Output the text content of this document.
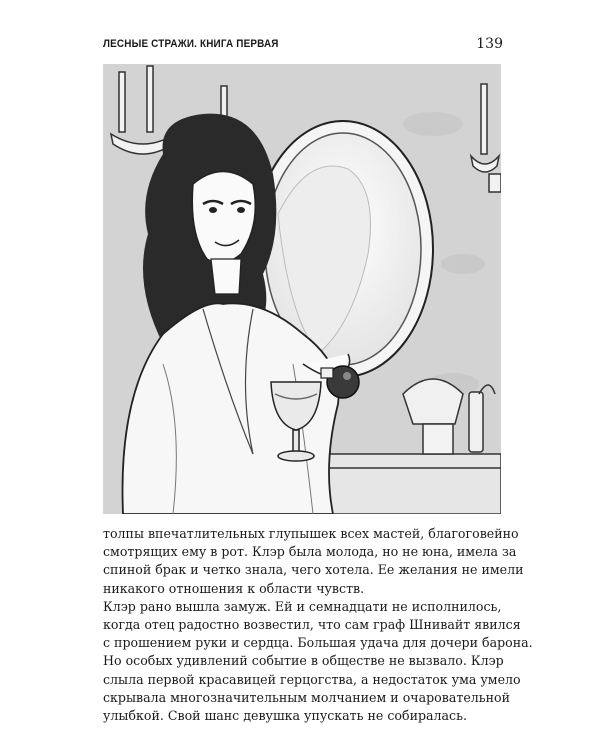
ЛЕСНЫЕ СТРАЖИ. КНИГА ПЕРВАЯ	139
толпы впечатлительных глупышек всех мастей, благоговейно
смотрящих ему в рот. Клэр была молода, но не юна, имела за
спиной брак и четко знала, чего хотела. Ее желания не имели
никакого отношения к области чувств.
Клэр рано вышла замуж. Ей и семнадцати не исполнилось,
когда отец радостно возвестил, что сам граф Шнивайт явился
с прошением руки и сердца. Большая удача для дочери барона.
Но особых удивлений событие в обществе не вызвало. Клэр
слыла первой красавицей герцогства, а недостаток ума умело
скрывала многозначительным молчанием и очаровательной
улыбкой. Свой шанс девушка упускать не собиралась.
